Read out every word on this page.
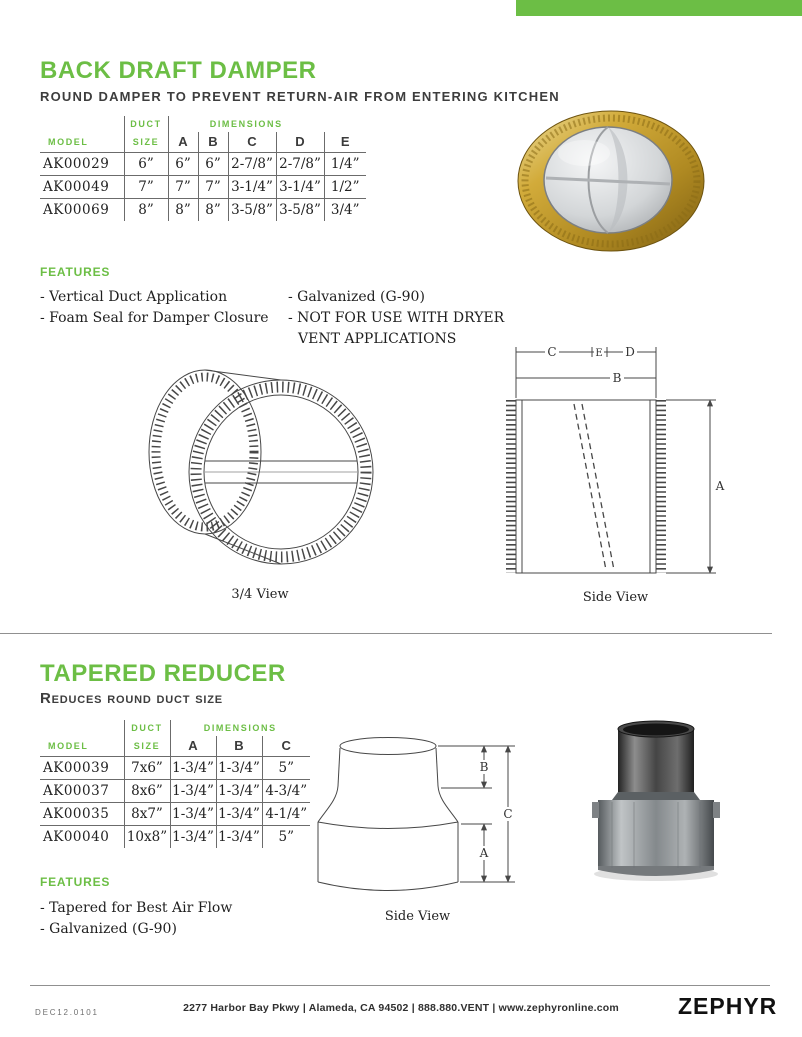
BACK DRAFT DAMPER
ROUND DAMPER TO PREVENT RETURN-AIR FROM ENTERING KITCHEN
	DUCT	DIMENSIONS				
MODEL	SIZE	A	B	C	D	E
AK00029	6”	6”	6”	2-7/8”	2-7/8”	1/4”
AK00049	7”	7”	7”	3-1/4”	3-1/4”	1/2”
AK00069	8”	8”	8”	3-5/8”	3-5/8”	3/4”
FEATURES
- Vertical Duct Application
- Foam Seal for Damper Closure
- Galvanized (G-90)
- NOT FOR USE WITH DRYER VENT APPLICATIONS
3/4 View
C	E D
B
A
Side View
TAPERED REDUCER
Reduces round duct size
	DUCT	DIMENSIONS		
MODEL	SIZE	A	B	C
AK00039	7x6”	1-3/4”	1-3/4”	5”
AK00037	8x6”	1-3/4”	1-3/4”	4-3/4”
AK00035	8x7”	1-3/4”	1-3/4”	4-1/4”
AK00040	10x8”	1-3/4”	1-3/4”	5”
B
A
C
Side View
FEATURES
- Tapered for Best Air Flow
- Galvanized (G-90)
DEC12.0101	2277 Harbor Bay Pkwy | Alameda, CA 94502 | 888.880.VENT | www.zephyronline.com	ZEPHYR
